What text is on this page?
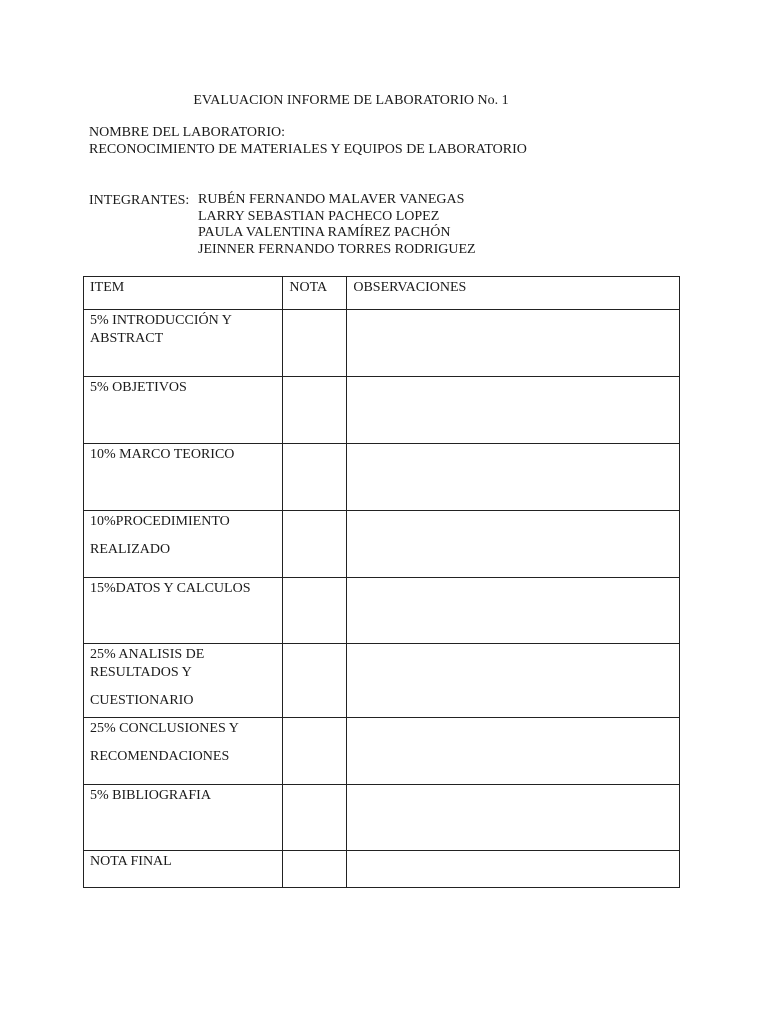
EVALUACION INFORME DE LABORATORIO No. 1
NOMBRE DEL LABORATORIO:
RECONOCIMIENTO DE MATERIALES Y EQUIPOS DE LABORATORIO
INTEGRANTES: RUBÉN FERNANDO MALAVER VANEGAS
LARRY SEBASTIAN PACHECO LOPEZ
PAULA VALENTINA RAMÍREZ PACHÓN
JEINNER FERNANDO TORRES RODRIGUEZ
ITEM	NOTA	OBSERVACIONES

5% INTRODUCCIÓN Y
ABSTRACT		

5% OBJETIVOS		

10% MARCO TEORICO		

10%PROCEDIMIENTO
REALIZADO		

15%DATOS Y CALCULOS		

25% ANALISIS DE
RESULTADOS Y
CUESTIONARIO		

25% CONCLUSIONES Y
RECOMENDACIONES		

5% BIBLIOGRAFIA		

NOTA FINAL		
